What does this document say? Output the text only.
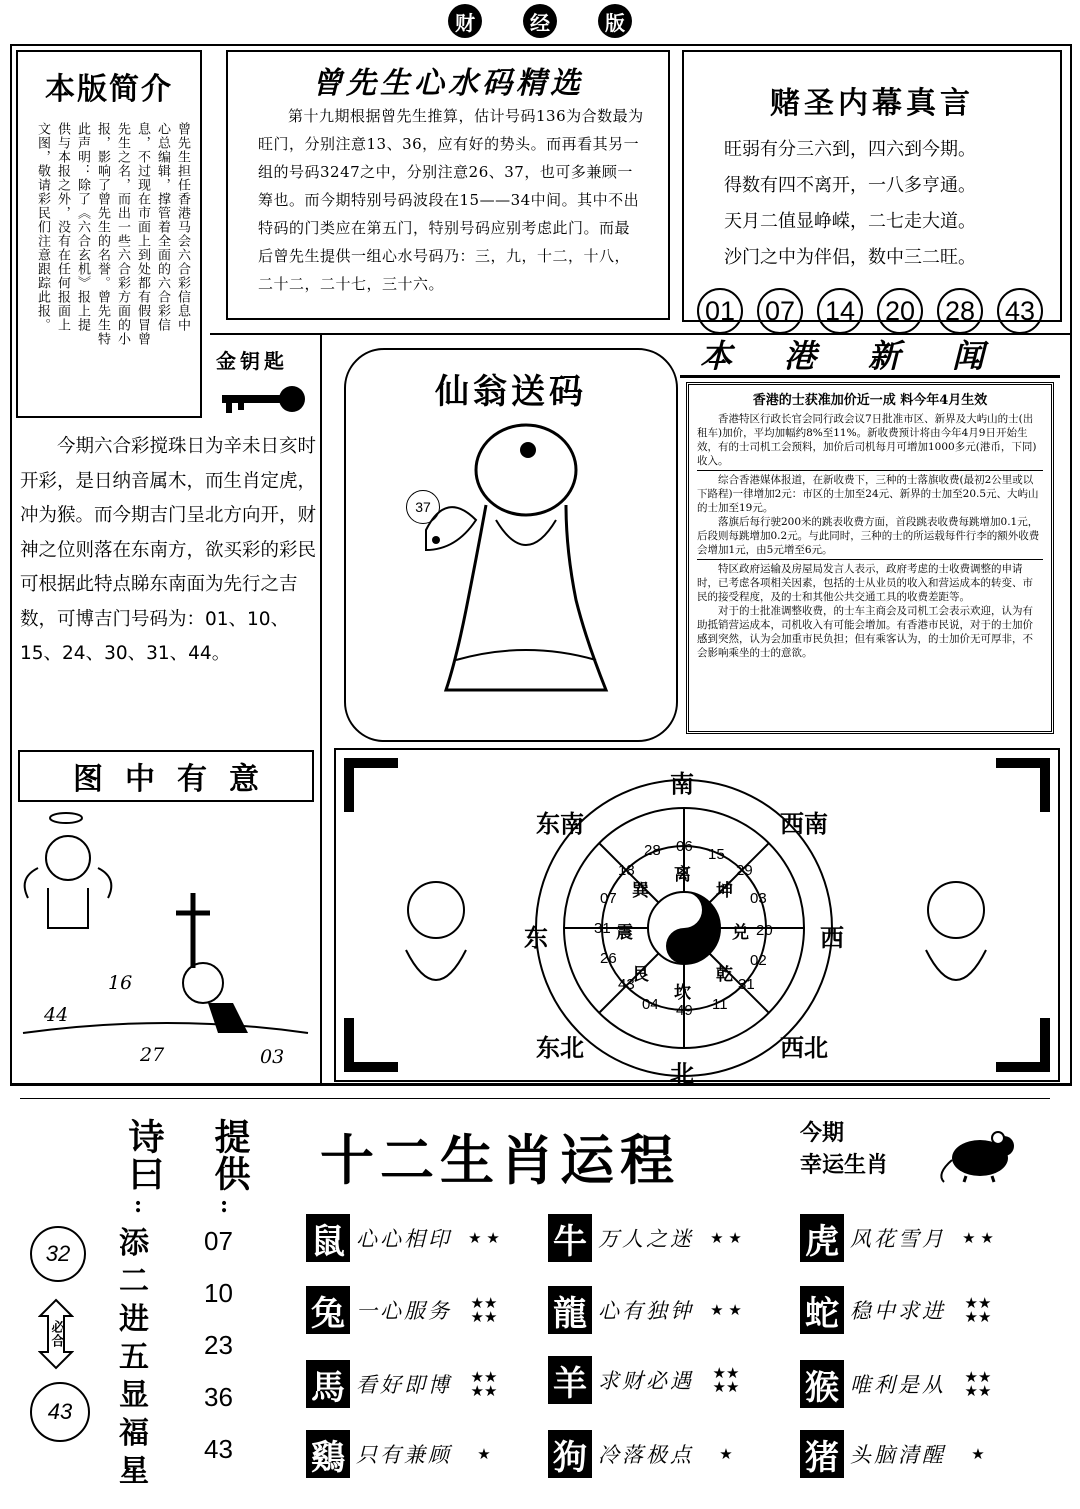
财	经	版
本版简介
曾先生担任香港马会六合彩信息中
心总编辑，撑管着全面的六合彩信
息，不过现在市面上到处都有假冒曾
先生之名，而出一些六合彩方面的小
报，影响了曾先生的名誉。曾先生特
此声明：除了《六合玄机》报上提
供与本报之外，没有在任何报面上
文图，敬请彩民们注意跟踪此报。
曾先生心水码精选
第十九期根据曾先生推算，估计号码136为合数最为旺门，分别注意13、36，应有好的势头。而再看其另一组的号码3247之中，分别注意26、37，也可多兼顾一筹也。而今期特别号码波段在15——34中间。其中不出特码的门类应在第五门，特别号码应别考虑此门。而最后曾先生提供一组心水号码乃：三，九，十二，十八，二十二，二十七，三十六。
赌圣内幕真言
旺弱有分三六到，四六到今期。
得数有四不离开，一八多亨通。
天月二值显峥嵘，二七走大道。
沙门之中为伴侣，数中三二旺。
01 07 14 20 28 43
金钥匙
今期六合彩搅珠日为辛未日亥时开彩，是日纳音属木，而生肖定虎，冲为猴。而今期吉门呈北方向开，财神之位则落在东南方，欲买彩的彩民可根据此特点睇东南面为先行之吉数，可博吉门号码为：01、10、15、24、30、31、44。
仙翁送码
37
本港新闻
香港的士获准加价近一成 料今年4月生效
香港特区行政长官会同行政会议7日批准市区、新界及大屿山的士(出租车)加价，平均加幅约8%至11%。新收费预计将由今年4月9日开始生效，有的士司机工会预料，加价后司机每月可增加1000多元(港币，下同)收入。
综合香港媒体报道，在新收费下，三种的士落旗收费(最初2公里或以下路程)一律增加2元：市区的士加至24元、新界的士加至20.5元、大屿山的士加至19元。
落旗后每行驶200米的跳表收费方面，首段跳表收费每跳增加0.1元，后段则每跳增加0.2元。与此同时，三种的士的所运载每件行李的额外收费会增加1元，由5元增至6元。
特区政府运输及房屋局发言人表示，政府考虑的士收费调整的申请时，已考虑各项相关因素，包括的士从业员的收入和营运成本的转变、市民的接受程度，及的士和其他公共交通工具的收费差距等。
对于的士批准调整收费，的士车主商会及司机工会表示欢迎，认为有助抵销营运成本，司机收入有可能会增加。有香港市民说，对于的士加价感到突然，认为会加重市民负担；但有乘客认为，的士加价无可厚非，不会影响乘坐的士的意欲。
图中有意
16
44
27	03
南
北
东	西
东南	西南
东北	西北
28 06 15
29
03
20
02
31
11
49
04
43
26
31
07
18 离
坤
兑
乾
坎
艮
震
巽
诗曰
:
提供
:
添
二
进
五
显
福
星
07
10
23
36
43
32
必合
43
十二生肖运程	今期
幸运生肖
鼠 心心相印	★ ★ 牛 万人之迷	★ ★ 虎 风花雪月	★ ★
兔 一心服务	★★ ★★ 龍 心有独钟	★ ★ 蛇 稳中求进	★★ ★★
馬 看好即博	★★ ★★ 羊 求财必遇	★★ ★★ 猴 唯利是从	★★ ★★
鷄 只有兼顾	★	狗 冷落极点	★	猪 头脑清醒	★
